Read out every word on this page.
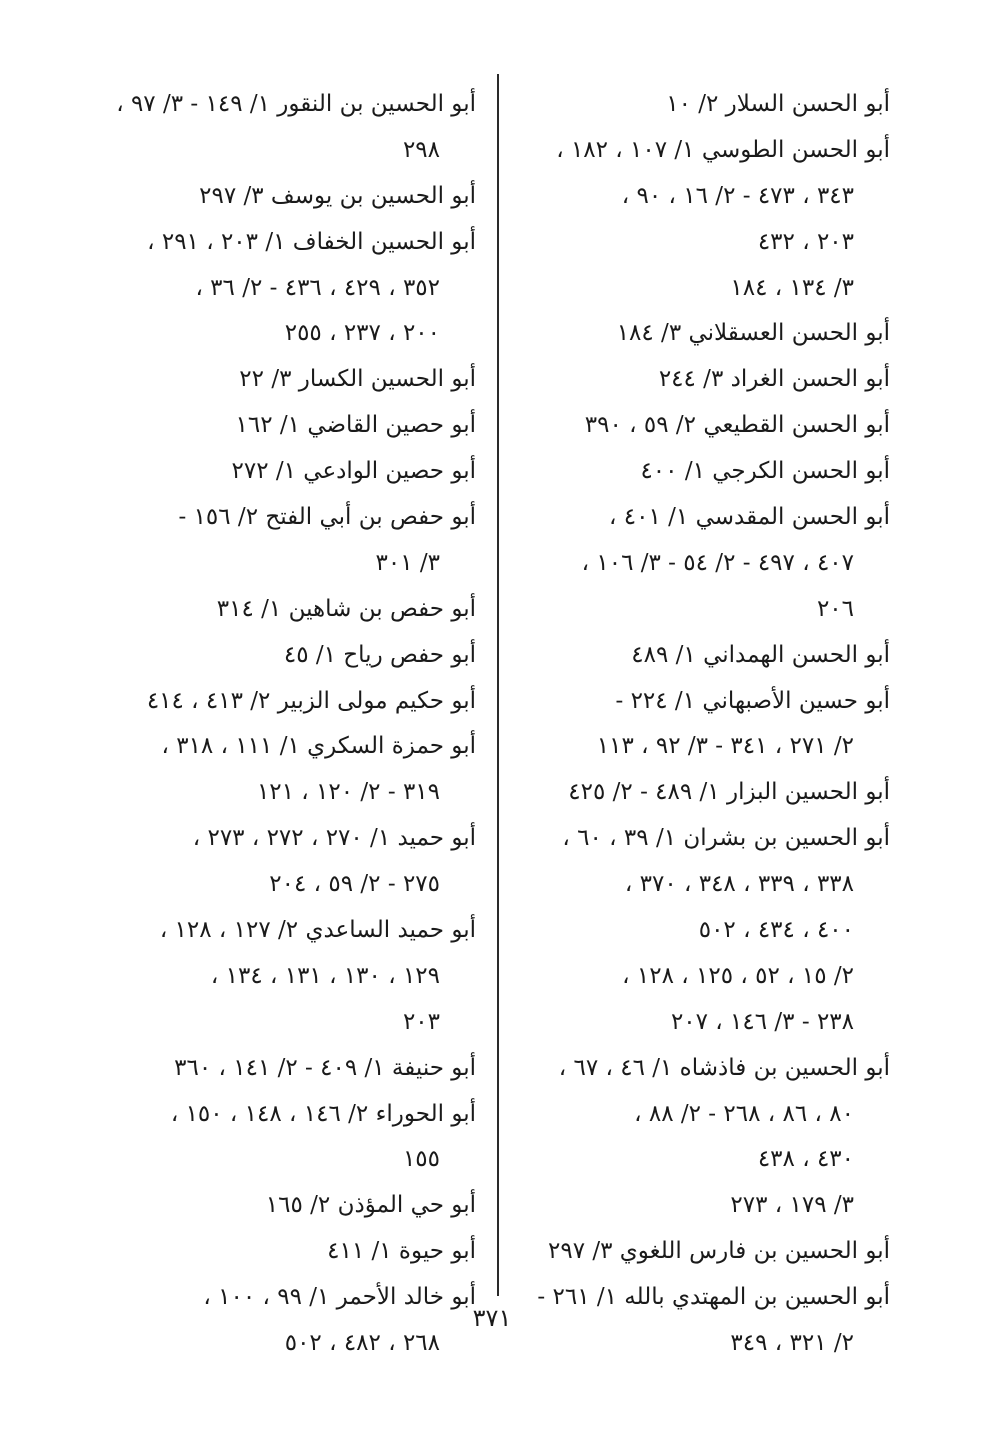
أبو الحسن السلار ٢/ ١٠
أبو الحسن الطوسي ١/ ١٠٧ ، ١٨٢ ،
٣٤٣ ، ٤٧٣ - ٢/ ١٦ ، ٩٠ ،
٢٠٣ ، ٤٣٢
٣/ ١٣٤ ، ١٨٤
أبو الحسن العسقلاني ٣/ ١٨٤
أبو الحسن الغراد ٣/ ٢٤٤
أبو الحسن القطيعي ٢/ ٥٩ ، ٣٩٠
أبو الحسن الكرجي ١/ ٤٠٠
أبو الحسن المقدسي ١/ ٤٠١ ،
٤٠٧ ، ٤٩٧ - ٢/ ٥٤ - ٣/ ١٠٦ ،
٢٠٦
أبو الحسن الهمداني ١/ ٤٨٩
أبو حسين الأصبهاني ١/ ٢٢٤ -
٢/ ٢٧١ ، ٣٤١ - ٣/ ٩٢ ، ١١٣
أبو الحسين البزار ١/ ٤٨٩ - ٢/ ٤٢٥
أبو الحسين بن بشران ١/ ٣٩ ، ٦٠ ،
٣٣٨ ، ٣٣٩ ، ٣٤٨ ، ٣٧٠ ،
٤٠٠ ، ٤٣٤ ، ٥٠٢
٢/ ١٥ ، ٥٢ ، ١٢٥ ، ١٢٨ ،
٢٣٨ - ٣/ ١٤٦ ، ٢٠٧
أبو الحسين بن فاذشاه ١/ ٤٦ ، ٦٧ ،
٨٠ ، ٨٦ ، ٢٦٨ - ٢/ ٨٨ ،
٤٣٠ ، ٤٣٨
٣/ ١٧٩ ، ٢٧٣
أبو الحسين بن فارس اللغوي ٣/ ٢٩٧
أبو الحسين بن المهتدي بالله ١/ ٢٦١ -
٢/ ٣٢١ ، ٣٤٩
أبو الحسين بن النقور ١/ ١٤٩ - ٣/ ٩٧ ،
٢٩٨
أبو الحسين بن يوسف ٣/ ٢٩٧
أبو الحسين الخفاف ١/ ٢٠٣ ، ٢٩١ ،
٣٥٢ ، ٤٢٩ ، ٤٣٦ - ٢/ ٣٦ ،
٢٠٠ ، ٢٣٧ ، ٢٥٥
أبو الحسين الكسار ٣/ ٢٢
أبو حصين القاضي ١/ ١٦٢
أبو حصين الوادعي ١/ ٢٧٢
أبو حفص بن أبي الفتح ٢/ ١٥٦ -
٣/ ٣٠١
أبو حفص بن شاهين ١/ ٣١٤
أبو حفص رياح ١/ ٤٥
أبو حكيم مولى الزبير ٢/ ٤١٣ ، ٤١٤
أبو حمزة السكري ١/ ١١١ ، ٣١٨ ،
٣١٩ - ٢/ ١٢٠ ، ١٢١
أبو حميد ١/ ٢٧٠ ، ٢٧٢ ، ٢٧٣ ،
٢٧٥ - ٢/ ٥٩ ، ٢٠٤
أبو حميد الساعدي ٢/ ١٢٧ ، ١٢٨ ،
١٢٩ ، ١٣٠ ، ١٣١ ، ١٣٤ ،
٢٠٣
أبو حنيفة ١/ ٤٠٩ - ٢/ ١٤١ ، ٣٦٠
أبو الحوراء ٢/ ١٤٦ ، ١٤٨ ، ١٥٠ ،
١٥٥
أبو حي المؤذن ٢/ ١٦٥
أبو حيوة ١/ ٤١١
أبو خالد الأحمر ١/ ٩٩ ، ١٠٠ ،
٢٦٨ ، ٤٨٢ ، ٥٠٢
٣٧١
